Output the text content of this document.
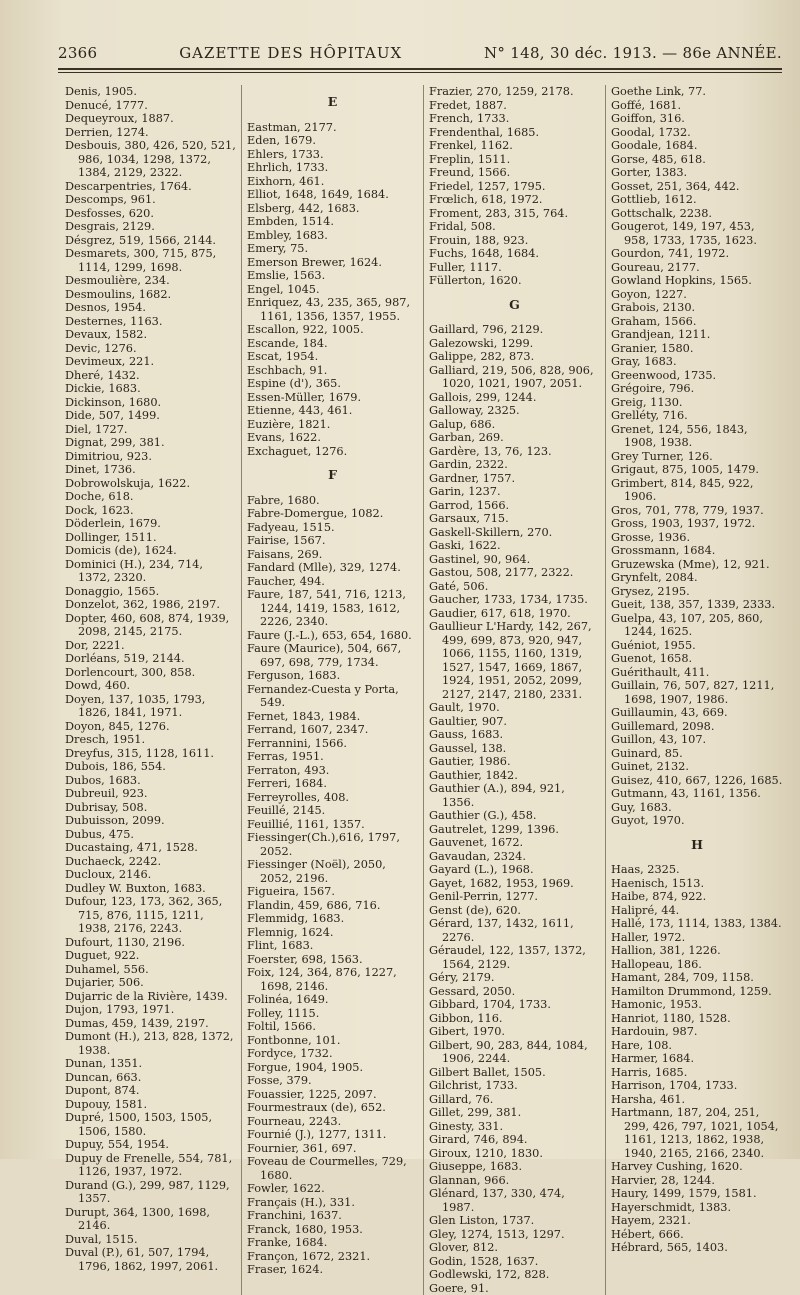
2366	GAZETTE DES HÔPITAUX	N° 148, 30 déc. 1913. — 86e ANNÉE.
Denis, 1905.
Denucé, 1777.
Dequeyroux, 1887.
Derrien, 1274.
Desbouis, 380, 426, 520, 521, 986, 1034, 1298, 1372, 1384, 2129, 2322.
Descarpentries, 1764.
Descomps, 961.
Desfosses, 620.
Desgrais, 2129.
Désgrez, 519, 1566, 2144.
Desmarets, 300, 715, 875, 1114, 1299, 1698.
Desmoulière, 234.
Desmoulins, 1682.
Desnos, 1954.
Desternes, 1163.
Devaux, 1582.
Devic, 1276.
Devimeux, 221.
Dheré, 1432.
Dickie, 1683.
Dickinson, 1680.
Dide, 507, 1499.
Diel, 1727.
Dignat, 299, 381.
Dimitriou, 923.
Dinet, 1736.
Dobrowolskuja, 1622.
Doche, 618.
Dock, 1623.
Döderlein, 1679.
Dollinger, 1511.
Domicis (de), 1624.
Dominici (H.), 234, 714, 1372, 2320.
Donaggio, 1565.
Donzelot, 362, 1986, 2197.
Dopter, 460, 608, 874, 1939, 2098, 2145, 2175.
Dor, 2221.
Dorléans, 519, 2144.
Dorlencourt, 300, 858.
Dowd, 460.
Doyen, 137, 1035, 1793, 1826, 1841, 1971.
Doyon, 845, 1276.
Dresch, 1951.
Dreyfus, 315, 1128, 1611.
Dubois, 186, 554.
Dubos, 1683.
Dubreuil, 923.
Dubrisay, 508.
Dubuisson, 2099.
Dubus, 475.
Ducastaing, 471, 1528.
Duchaeck, 2242.
Ducloux, 2146.
Dudley W. Buxton, 1683.
Dufour, 123, 173, 362, 365, 715, 876, 1115, 1211, 1938, 2176, 2243.
Dufourt, 1130, 2196.
Duguet, 922.
Duhamel, 556.
Dujarier, 506.
Dujarric de la Rivière, 1439.
Dujon, 1793, 1971.
Dumas, 459, 1439, 2197.
Dumont (H.), 213, 828, 1372, 1938.
Dunan, 1351.
Duncan, 663.
Dupont, 874.
Dupouy, 1581.
Dupré, 1500, 1503, 1505, 1506, 1580.
Dupuy, 554, 1954.
Dupuy de Frenelle, 554, 781, 1126, 1937, 1972.
Durand (G.), 299, 987, 1129, 1357.
Durupt, 364, 1300, 1698, 2146.
Duval, 1515.
Duval (P.), 61, 507, 1794, 1796, 1862, 1997, 2061.
E
Eastman, 2177.
Eden, 1679.
Ehlers, 1733.
Ehrlich, 1733.
Eixhorn, 461.
Elliot, 1648, 1649, 1684.
Elsberg, 442, 1683.
Embden, 1514.
Embley, 1683.
Emery, 75.
Emerson Brewer, 1624.
Emslie, 1563.
Engel, 1045.
Enriquez, 43, 235, 365, 987, 1161, 1356, 1357, 1955.
Escallon, 922, 1005.
Escande, 184.
Escat, 1954.
Eschbach, 91.
Espine (d'), 365.
Essen-Müller, 1679.
Etienne, 443, 461.
Euzière, 1821.
Evans, 1622.
Exchaguet, 1276.
F
Fabre, 1680.
Fabre-Domergue, 1082.
Fadyeau, 1515.
Fairise, 1567.
Faisans, 269.
Fandard (Mlle), 329, 1274.
Faucher, 494.
Faure, 187, 541, 716, 1213, 1244, 1419, 1583, 1612, 2226, 2340.
Faure (J.-L.), 653, 654, 1680.
Faure (Maurice), 504, 667, 697, 698, 779, 1734.
Ferguson, 1683.
Fernandez-Cuesta y Porta, 549.
Fernet, 1843, 1984.
Ferrand, 1607, 2347.
Ferrannini, 1566.
Ferras, 1951.
Ferraton, 493.
Ferreri, 1684.
Ferreyrolles, 408.
Feuillé, 2145.
Feuillié, 1161, 1357.
Fiessinger(Ch.),616, 1797, 2052.
Fiessinger (Noël), 2050, 2052, 2196.
Figueira, 1567.
Flandin, 459, 686, 716.
Flemmidg, 1683.
Flemnig, 1624.
Flint, 1683.
Foerster, 698, 1563.
Foix, 124, 364, 876, 1227, 1698, 2146.
Folinéa, 1649.
Folley, 1115.
Foltil, 1566.
Fontbonne, 101.
Fordyce, 1732.
Forgue, 1904, 1905.
Fosse, 379.
Fouassier, 1225, 2097.
Fourmestraux (de), 652.
Fourneau, 2243.
Fournié (J.), 1277, 1311.
Fournier, 361, 697.
Foveau de Courmelles, 729, 1680.
Fowler, 1622.
Français (H.), 331.
Franchini, 1637.
Franck, 1680, 1953.
Franke, 1684.
Françon, 1672, 2321.
Fraser, 1624.
Frazier, 270, 1259, 2178.
Fredet, 1887.
French, 1733.
Frendenthal, 1685.
Frenkel, 1162.
Freplin, 1511.
Freund, 1566.
Friedel, 1257, 1795.
Frœlich, 618, 1972.
Froment, 283, 315, 764.
Fridal, 508.
Frouin, 188, 923.
Fuchs, 1648, 1684.
Fuller, 1117.
Füllerton, 1620.
G
Gaillard, 796, 2129.
Galezowski, 1299.
Galippe, 282, 873.
Galliard, 219, 506, 828, 906, 1020, 1021, 1907, 2051.
Gallois, 299, 1244.
Galloway, 2325.
Galup, 686.
Garban, 269.
Gardère, 13, 76, 123.
Gardin, 2322.
Gardner, 1757.
Garin, 1237.
Garrod, 1566.
Garsaux, 715.
Gaskell-Skillern, 270.
Gaski, 1622.
Gastinel, 90, 964.
Gastou, 508, 2177, 2322.
Gaté, 506.
Gaucher, 1733, 1734, 1735.
Gaudier, 617, 618, 1970.
Gaullieur L'Hardy, 142, 267, 499, 699, 873, 920, 947, 1066, 1155, 1160, 1319, 1527, 1547, 1669, 1867, 1924, 1951, 2052, 2099, 2127, 2147, 2180, 2331.
Gault, 1970.
Gaultier, 907.
Gauss, 1683.
Gaussel, 138.
Gautier, 1986.
Gauthier, 1842.
Gauthier (A.), 894, 921, 1356.
Gauthier (G.), 458.
Gautrelet, 1299, 1396.
Gauvenet, 1672.
Gavaudan, 2324.
Gayard (L.), 1968.
Gayet, 1682, 1953, 1969.
Genil-Perrin, 1277.
Genst (de), 620.
Gérard, 137, 1432, 1611, 2276.
Géraudel, 122, 1357, 1372, 1564, 2129.
Géry, 2179.
Gessard, 2050.
Gibbard, 1704, 1733.
Gibbon, 116.
Gibert, 1970.
Gilbert, 90, 283, 844, 1084, 1906, 2244.
Gilbert Ballet, 1505.
Gilchrist, 1733.
Gillard, 76.
Gillet, 299, 381.
Ginesty, 331.
Girard, 746, 894.
Giroux, 1210, 1830.
Giuseppe, 1683.
Glannan, 966.
Glénard, 137, 330, 474, 1987.
Glen Liston, 1737.
Gley, 1274, 1513, 1297.
Glover, 812.
Godin, 1528, 1637.
Godlewski, 172, 828.
Goere, 91.
Goethe Link, 77.
Goffé, 1681.
Goiffon, 316.
Goodal, 1732.
Goodale, 1684.
Gorse, 485, 618.
Gorter, 1383.
Gosset, 251, 364, 442.
Gottlieb, 1612.
Gottschalk, 2238.
Gougerot, 149, 197, 453, 958, 1733, 1735, 1623.
Gourdon, 741, 1972.
Goureau, 2177.
Gowland Hopkins, 1565.
Goyon, 1227.
Grabois, 2130.
Graham, 1566.
Grandjean, 1211.
Granier, 1580.
Gray, 1683.
Greenwood, 1735.
Grégoire, 796.
Greig, 1130.
Grelléty, 716.
Grenet, 124, 556, 1843, 1908, 1938.
Grey Turner, 126.
Grigaut, 875, 1005, 1479.
Grimbert, 814, 845, 922, 1906.
Gros, 701, 778, 779, 1937.
Gross, 1903, 1937, 1972.
Grosse, 1936.
Grossmann, 1684.
Gruzewska (Mme), 12, 921.
Grynfelt, 2084.
Grysez, 2195.
Gueit, 138, 357, 1339, 2333.
Guelpa, 43, 107, 205, 860, 1244, 1625.
Guéniot, 1955.
Guenot, 1658.
Guérithault, 411.
Guillain, 76, 507, 827, 1211, 1698, 1907, 1986.
Guillaumin, 43, 669.
Guillemard, 2098.
Guillon, 43, 107.
Guinard, 85.
Guinet, 2132.
Guisez, 410, 667, 1226, 1685.
Gutmann, 43, 1161, 1356.
Guy, 1683.
Guyot, 1970.
H
Haas, 2325.
Haenisch, 1513.
Haibe, 874, 922.
Halipré, 44.
Hallé, 173, 1114, 1383, 1384.
Haller, 1972.
Hallion, 381, 1226.
Hallopeau, 186.
Hamant, 284, 709, 1158.
Hamilton Drummond, 1259.
Hamonic, 1953.
Hanriot, 1180, 1528.
Hardouin, 987.
Hare, 108.
Harmer, 1684.
Harris, 1685.
Harrison, 1704, 1733.
Harsha, 461.
Hartmann, 187, 204, 251, 299, 426, 797, 1021, 1054, 1161, 1213, 1862, 1938, 1940, 2165, 2166, 2340.
Harvey Cushing, 1620.
Harvier, 28, 1244.
Haury, 1499, 1579, 1581.
Hayerschmidt, 1383.
Hayem, 2321.
Hébert, 666.
Hébrard, 565, 1403.
